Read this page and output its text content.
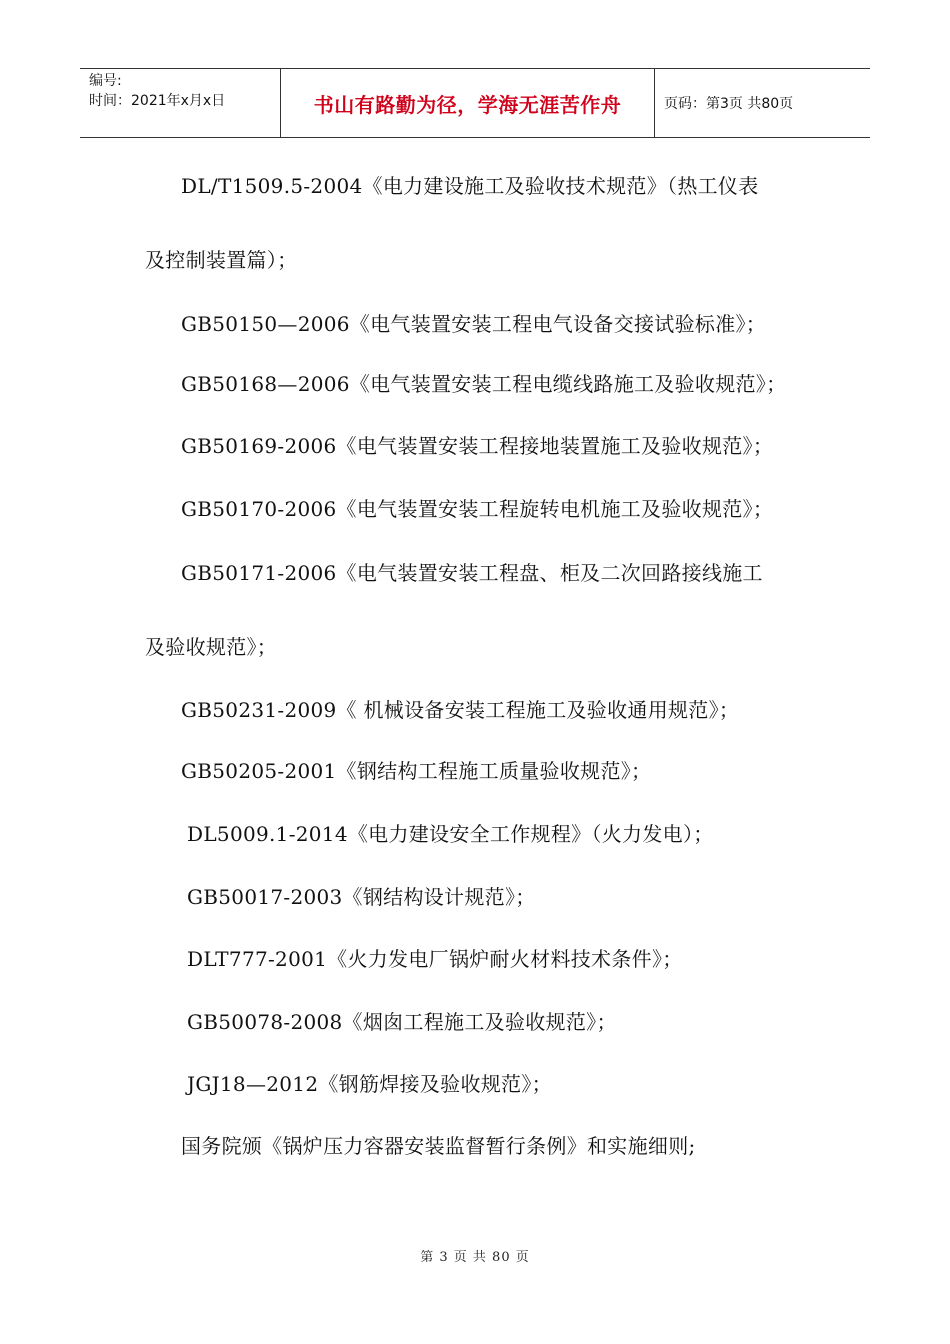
编号:
时间：2021年x月x日	书山有路勤为径，学海无涯苦作舟	页码：第3页 共80页
DL/T1509.5-2004《电力建设施工及验收技术规范》（热工仪表
及控制装置篇）；
GB50150—2006《电气装置安装工程电气设备交接试验标准》；
GB50168—2006《电气装置安装工程电缆线路施工及验收规范》；
GB50169-2006《电气装置安装工程接地装置施工及验收规范》；
GB50170-2006《电气装置安装工程旋转电机施工及验收规范》；
GB50171-2006《电气装置安装工程盘、柜及二次回路接线施工
及验收规范》；
GB50231-2009《 机械设备安装工程施工及验收通用规范》；
GB50205-2001《钢结构工程施工质量验收规范》；
DL5009.1-2014《电力建设安全工作规程》（火力发电）；
GB50017-2003《钢结构设计规范》；
DLT777-2001《火力发电厂锅炉耐火材料技术条件》；
GB50078-2008《烟囱工程施工及验收规范》；
JGJ18—2012《钢筋焊接及验收规范》；
国务院颁《锅炉压力容器安装监督暂行条例》和实施细则;
第 3 页 共 80 页
